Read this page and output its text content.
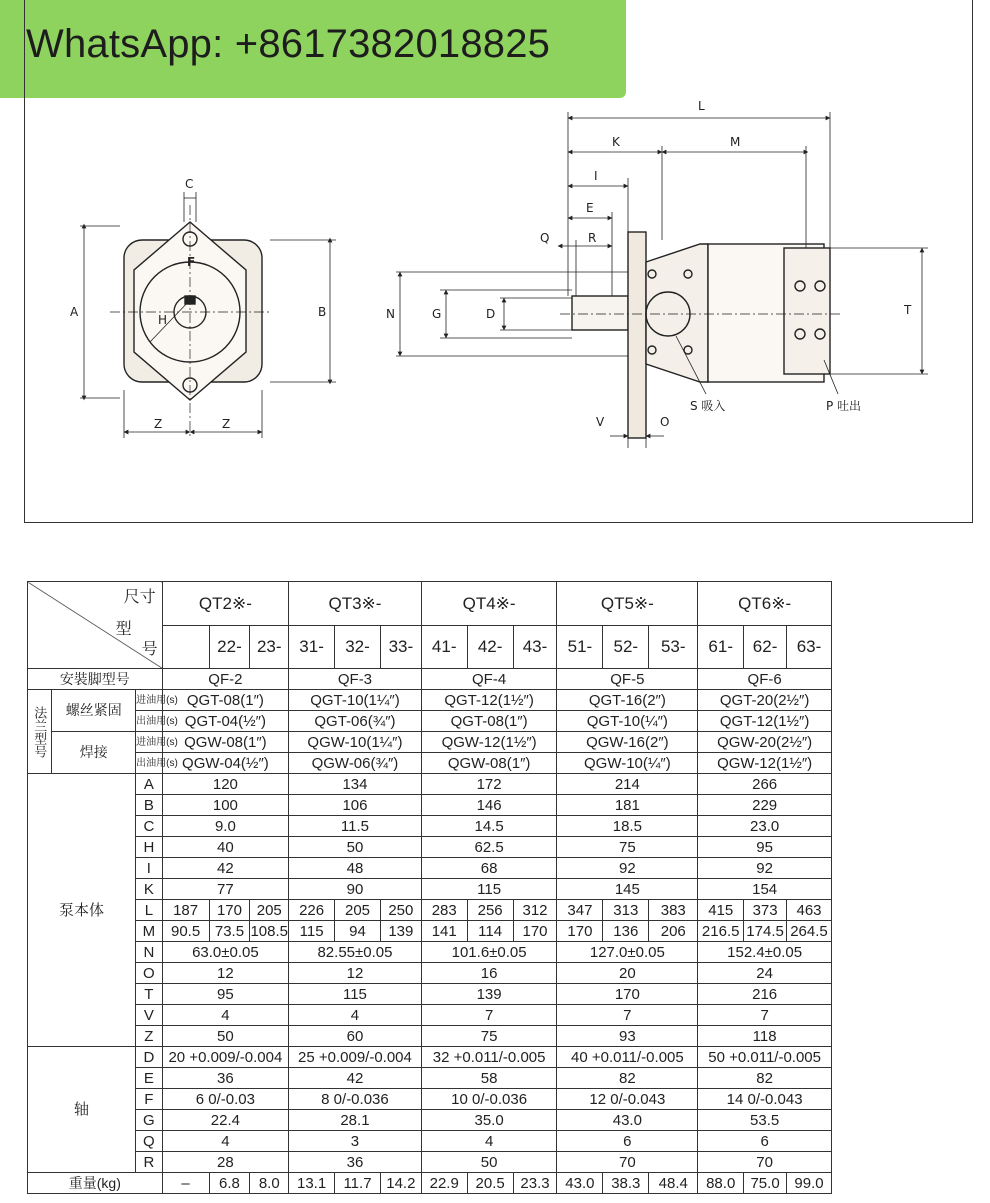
WhatsApp: +8617382018825
A	B
C
F
H
Z	Z
L
K	M
I
E
Q	R
N	G	D	T
V	O
S 吸入	P 吐出
尺寸
型
号			QT2※-			QT3※-			QT4※-			QT5※-			QT6※-		
				22-	23-	31-	32-	33-	41-	42-	43-	51-	52-	53-	61-	62-	63-
安裝脚型号			QF-2			QF-3			QF-4			QF-5			QF-6		
法兰型号	螺丝紧固	进油用(s)	QGT-08(1″)			QGT-10(1¼″)			QGT-12(1½″)			QGT-16(2″)			QGT-20(2½″)		
		出油用(s)	QGT-04(½″)			QGT-06(¾″)			QGT-08(1″)			QGT-10(¼″)			QGT-12(1½″)		
	焊接	进油用(s)	QGW-08(1″)			QGW-10(1¼″)			QGW-12(1½″)			QGW-16(2″)			QGW-20(2½″)		
		出油用(s)	QGW-04(½″)			QGW-06(¾″)			QGW-08(1″)			QGW-10(¼″)			QGW-12(1½″)		
泵本体		A	120			134			172			214			266		
		B	100			106			146			181			229		
		C	9.0			11.5			14.5			18.5			23.0		
		H	40			50			62.5			75			95		
		I	42			48			68			92			92		
		K	77			90			115			145			154		
		L	187	170	205	226	205	250	283	256	312	347	313	383	415	373	463
		M	90.5	73.5	108.5	115	94	139	141	114	170	170	136	206	216.5	174.5	264.5
		N	63.0±0.05			82.55±0.05			101.6±0.05			127.0±0.05			152.4±0.05		
		O	12			12			16			20			24		
		T	95			115			139			170			216		
		V	4			4			7			7			7		
		Z	50			60			75			93			118		
轴		D	20 +0.009/-0.004			25 +0.009/-0.004			32 +0.011/-0.005			40 +0.011/-0.005			50 +0.011/-0.005		
		E	36			42			58			82			82		
		F	6 0/-0.03			8 0/-0.036			10 0/-0.036			12 0/-0.043			14 0/-0.043		
		G	22.4			28.1			35.0			43.0			53.5		
		Q	4			3			4			6			6		
		R	28			36			50			70			70		
重量(kg)			–	6.8	8.0	13.1	11.7	14.2	22.9	20.5	23.3	43.0	38.3	48.4	88.0	75.0	99.0
